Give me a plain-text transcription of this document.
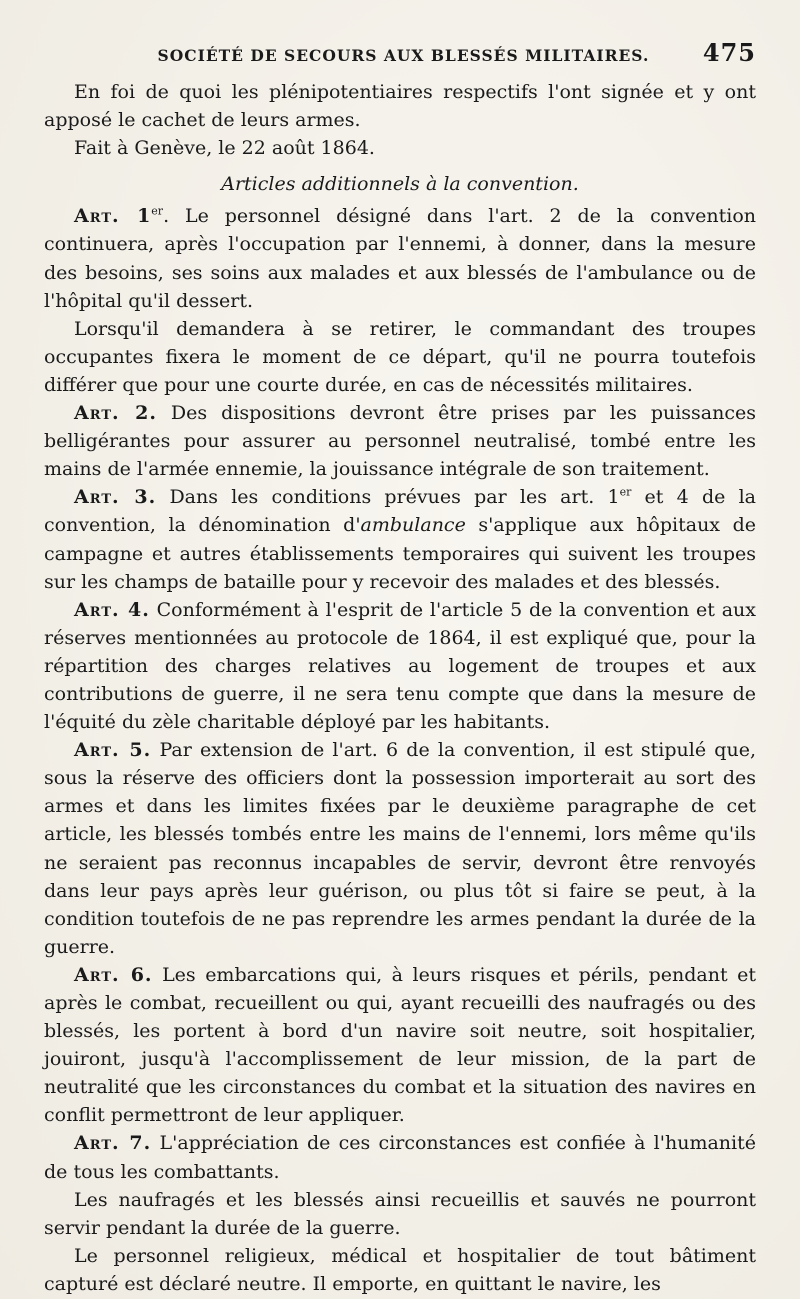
SOCIÉTÉ DE SECOURS AUX BLESSÉS MILITAIRES.	475

En foi de quoi les plénipotentiaires respectifs l'ont signée et y ont apposé le cachet de leurs armes.

Fait à Genève, le 22 août 1864.

Articles additionnels à la convention.

Art. 1er. Le personnel désigné dans l'art. 2 de la convention continuera, après l'occupation par l'ennemi, à donner, dans la mesure des besoins, ses soins aux malades et aux blessés de l'ambulance ou de l'hôpital qu'il dessert.

Lorsqu'il demandera à se retirer, le commandant des troupes occupantes fixera le moment de ce départ, qu'il ne pourra toutefois différer que pour une courte durée, en cas de nécessités militaires.

Art. 2. Des dispositions devront être prises par les puissances belligérantes pour assurer au personnel neutralisé, tombé entre les mains de l'armée ennemie, la jouissance intégrale de son traitement.

Art. 3. Dans les conditions prévues par les art. 1er et 4 de la convention, la dénomination d'ambulance s'applique aux hôpitaux de campagne et autres établissements temporaires qui suivent les troupes sur les champs de bataille pour y recevoir des malades et des blessés.

Art. 4. Conformément à l'esprit de l'article 5 de la convention et aux réserves mentionnées au protocole de 1864, il est expliqué que, pour la répartition des charges relatives au logement de troupes et aux contributions de guerre, il ne sera tenu compte que dans la mesure de l'équité du zèle charitable déployé par les habitants.

Art. 5. Par extension de l'art. 6 de la convention, il est stipulé que, sous la réserve des officiers dont la possession importerait au sort des armes et dans les limites fixées par le deuxième paragraphe de cet article, les blessés tombés entre les mains de l'ennemi, lors même qu'ils ne seraient pas reconnus incapables de servir, devront être renvoyés dans leur pays après leur guérison, ou plus tôt si faire se peut, à la condition toutefois de ne pas reprendre les armes pendant la durée de la guerre.

Art. 6. Les embarcations qui, à leurs risques et périls, pendant et après le combat, recueillent ou qui, ayant recueilli des naufragés ou des blessés, les portent à bord d'un navire soit neutre, soit hospitalier, jouiront, jusqu'à l'accomplissement de leur mission, de la part de neutralité que les circonstances du combat et la situation des navires en conflit permettront de leur appliquer.

Art. 7. L'appréciation de ces circonstances est confiée à l'humanité de tous les combattants.

Les naufragés et les blessés ainsi recueillis et sauvés ne pourront servir pendant la durée de la guerre.

Le personnel religieux, médical et hospitalier de tout bâtiment capturé est déclaré neutre. Il emporte, en quittant le navire, les
